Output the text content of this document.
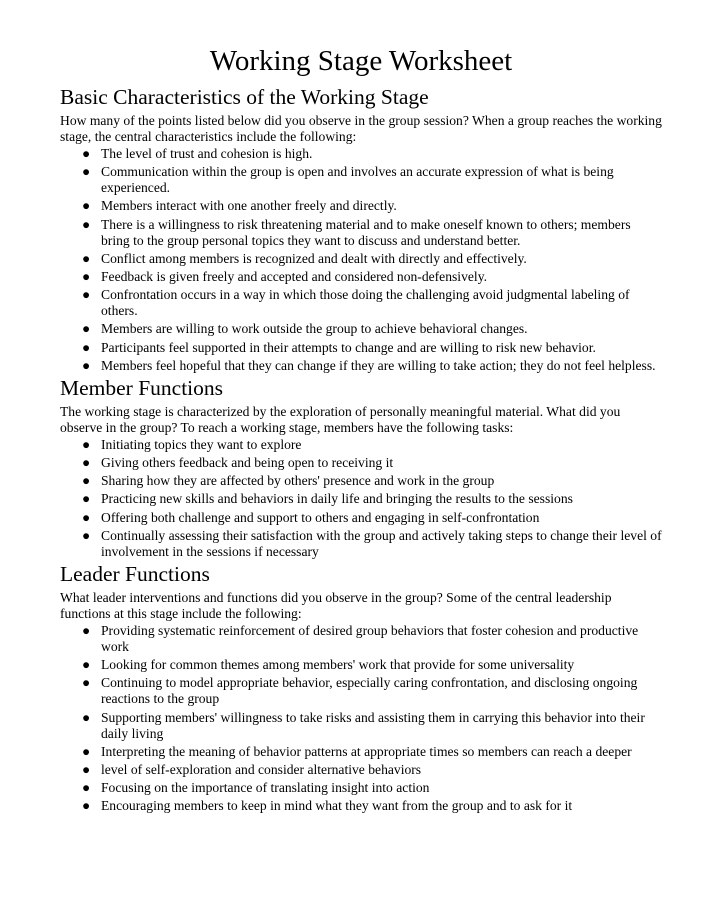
Working Stage Worksheet
Basic Characteristics of the Working Stage

How many of the points listed below did you observe in the group session? When a group reaches the working stage, the central characteristics include the following:

● The level of trust and cohesion is high.
● Communication within the group is open and involves an accurate expression of what is being experienced.
● Members interact with one another freely and directly.
● There is a willingness to risk threatening material and to make oneself known to others; members bring to the group personal topics they want to discuss and understand better.
● Conflict among members is recognized and dealt with directly and effectively.
● Feedback is given freely and accepted and considered non-defensively.
● Confrontation occurs in a way in which those doing the challenging avoid judgmental labeling of others.
● Members are willing to work outside the group to achieve behavioral changes.
● Participants feel supported in their attempts to change and are willing to risk new behavior.
● Members feel hopeful that they can change if they are willing to take action; they do not feel helpless.
Member Functions

The working stage is characterized by the exploration of personally meaningful material. What did you observe in the group? To reach a working stage, members have the following tasks:

● Initiating topics they want to explore
● Giving others feedback and being open to receiving it
● Sharing how they are affected by others' presence and work in the group
● Practicing new skills and behaviors in daily life and bringing the results to the sessions
● Offering both challenge and support to others and engaging in self-confrontation
● Continually assessing their satisfaction with the group and actively taking steps to change their level of involvement in the sessions if necessary
Leader Functions

What leader interventions and functions did you observe in the group? Some of the central leadership functions at this stage include the following:

● Providing systematic reinforcement of desired group behaviors that foster cohesion and productive work
● Looking for common themes among members' work that provide for some universality
● Continuing to model appropriate behavior, especially caring confrontation, and disclosing ongoing reactions to the group
● Supporting members' willingness to take risks and assisting them in carrying this behavior into their daily living
● Interpreting the meaning of behavior patterns at appropriate times so members can reach a deeper
● level of self-exploration and consider alternative behaviors
● Focusing on the importance of translating insight into action
● Encouraging members to keep in mind what they want from the group and to ask for it
